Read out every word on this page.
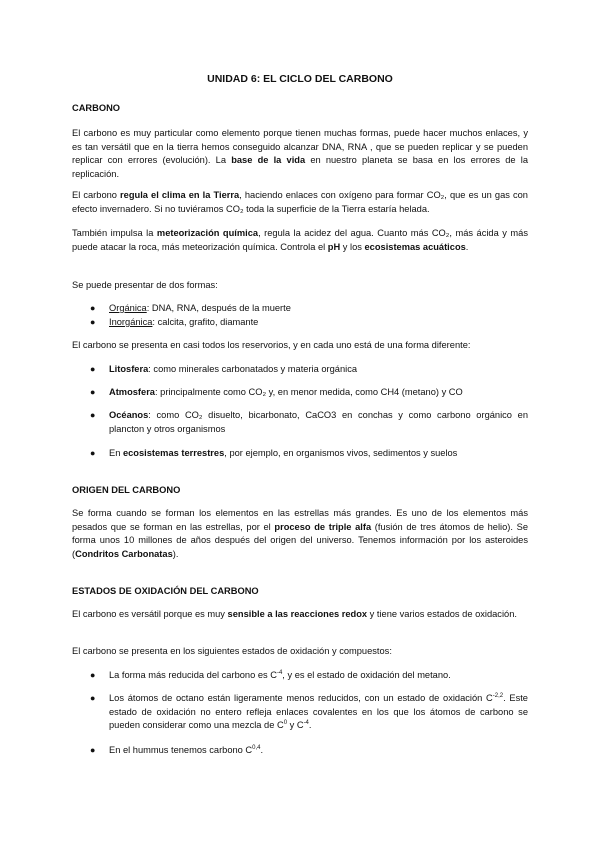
UNIDAD 6: EL CICLO DEL CARBONO
CARBONO

El carbono es muy particular como elemento porque tienen muchas formas, puede hacer muchos enlaces, y es tan versátil que en la tierra hemos conseguido alcanzar DNA, RNA , que se pueden replicar y se pueden replicar con errores (evolución). La base de la vida en nuestro planeta se basa en los errores de la replicación.

El carbono regula el clima en la Tierra, haciendo enlaces con oxígeno para formar CO₂, que es un gas con efecto invernadero. Si no tuviéramos CO₂ toda la superficie de la Tierra estaría helada.

También impulsa la meteorización química, regula la acidez del agua. Cuanto más CO₂, más ácida y más puede atacar la roca, más meteorización química. Controla el pH y los ecosistemas acuáticos.

Se puede presentar de dos formas:

● Orgánica: DNA, RNA, después de la muerte
● Inorgánica: calcita, grafito, diamante

El carbono se presenta en casi todos los reservorios, y en cada uno está de una forma diferente:

● Litosfera: como minerales carbonatados y materia orgánica
● Atmosfera: principalmente como CO₂ y, en menor medida, como CH4 (metano) y CO
● Océanos: como CO₂ disuelto, bicarbonato, CaCO3 en conchas y como carbono orgánico en plancton y otros organismos
● En ecosistemas terrestres, por ejemplo, en organismos vivos, sedimentos y suelos
ORIGEN DEL CARBONO

Se forma cuando se forman los elementos en las estrellas más grandes. Es uno de los elementos más pesados que se forman en las estrellas, por el proceso de triple alfa (fusión de tres átomos de helio). Se forma unos 10 millones de años después del origen del universo. Tenemos información por los asteroides (Condritos Carbonatas).

ESTADOS DE OXIDACIÓN DEL CARBONO

El carbono es versátil porque es muy sensible a las reacciones redox y tiene varios estados de oxidación.

El carbono se presenta en los siguientes estados de oxidación y compuestos:

● La forma más reducida del carbono es $C^{-4}$, y es el estado de oxidación del metano.
● Los átomos de octano están ligeramente menos reducidos, con un estado de oxidación $C^{-2,2}$. Este estado de oxidación no entero refleja enlaces covalentes en los que los átomos de carbono se pueden considerar como una mezcla de $C^0$ y $C^{-4}$.
● En el hummus tenemos carbono C$^{0,4}$.
